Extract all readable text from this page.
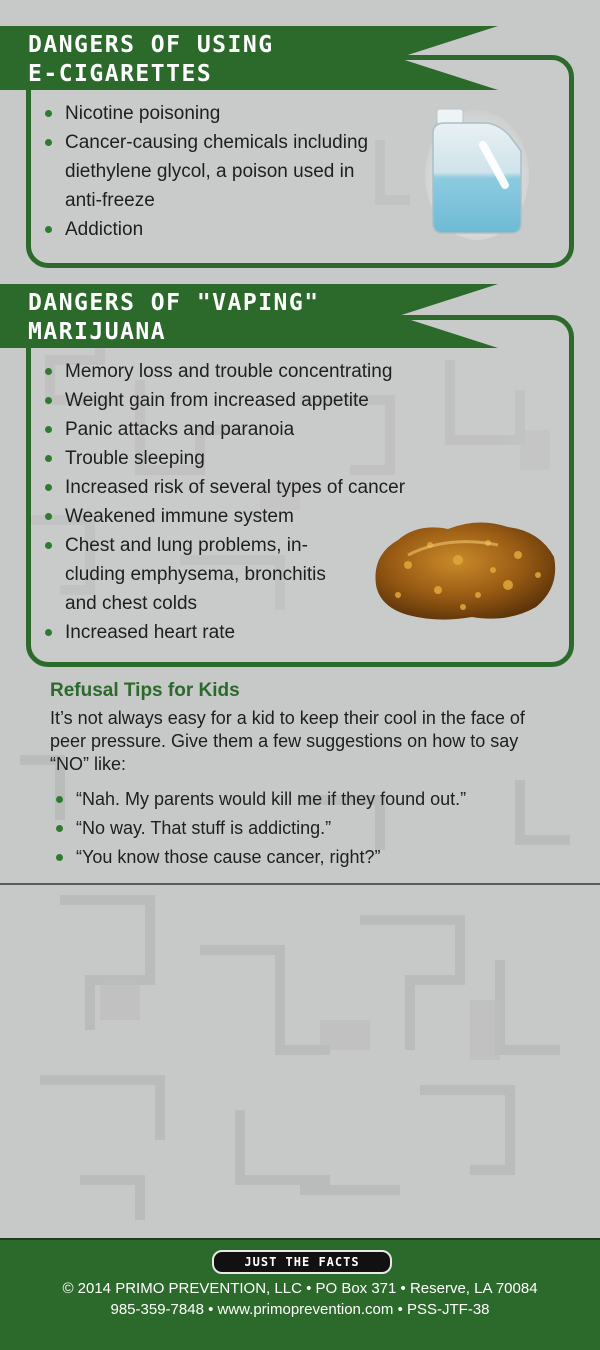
DANGERS OF USING
E-CIGARETTES
Nicotine poisoning
Cancer-causing chemicals including
diethylene glycol, a poison used in
anti-freeze
Addiction
DANGERS OF "VAPING"
MARIJUANA
Memory loss and trouble concentrating
Weight gain from increased appetite
Panic attacks and paranoia
Trouble sleeping
Increased risk of several types of cancer
Weakened immune system
Chest and lung problems, in-
cluding emphysema, bronchitis
and chest colds
Increased heart rate
Refusal Tips for Kids
It’s not always easy for a kid to keep their cool in the face of peer pressure. Give them a few suggestions on how to say “NO” like:
“Nah. My parents would kill me if they found out.”
“No way. That stuff is addicting.”
“You know those cause cancer, right?”
JUST THE FACTS
© 2014 PRIMO PREVENTION, LLC • PO Box 371 • Reserve, LA 70084
985-359-7848 • www.primoprevention.com • PSS-JTF-38
